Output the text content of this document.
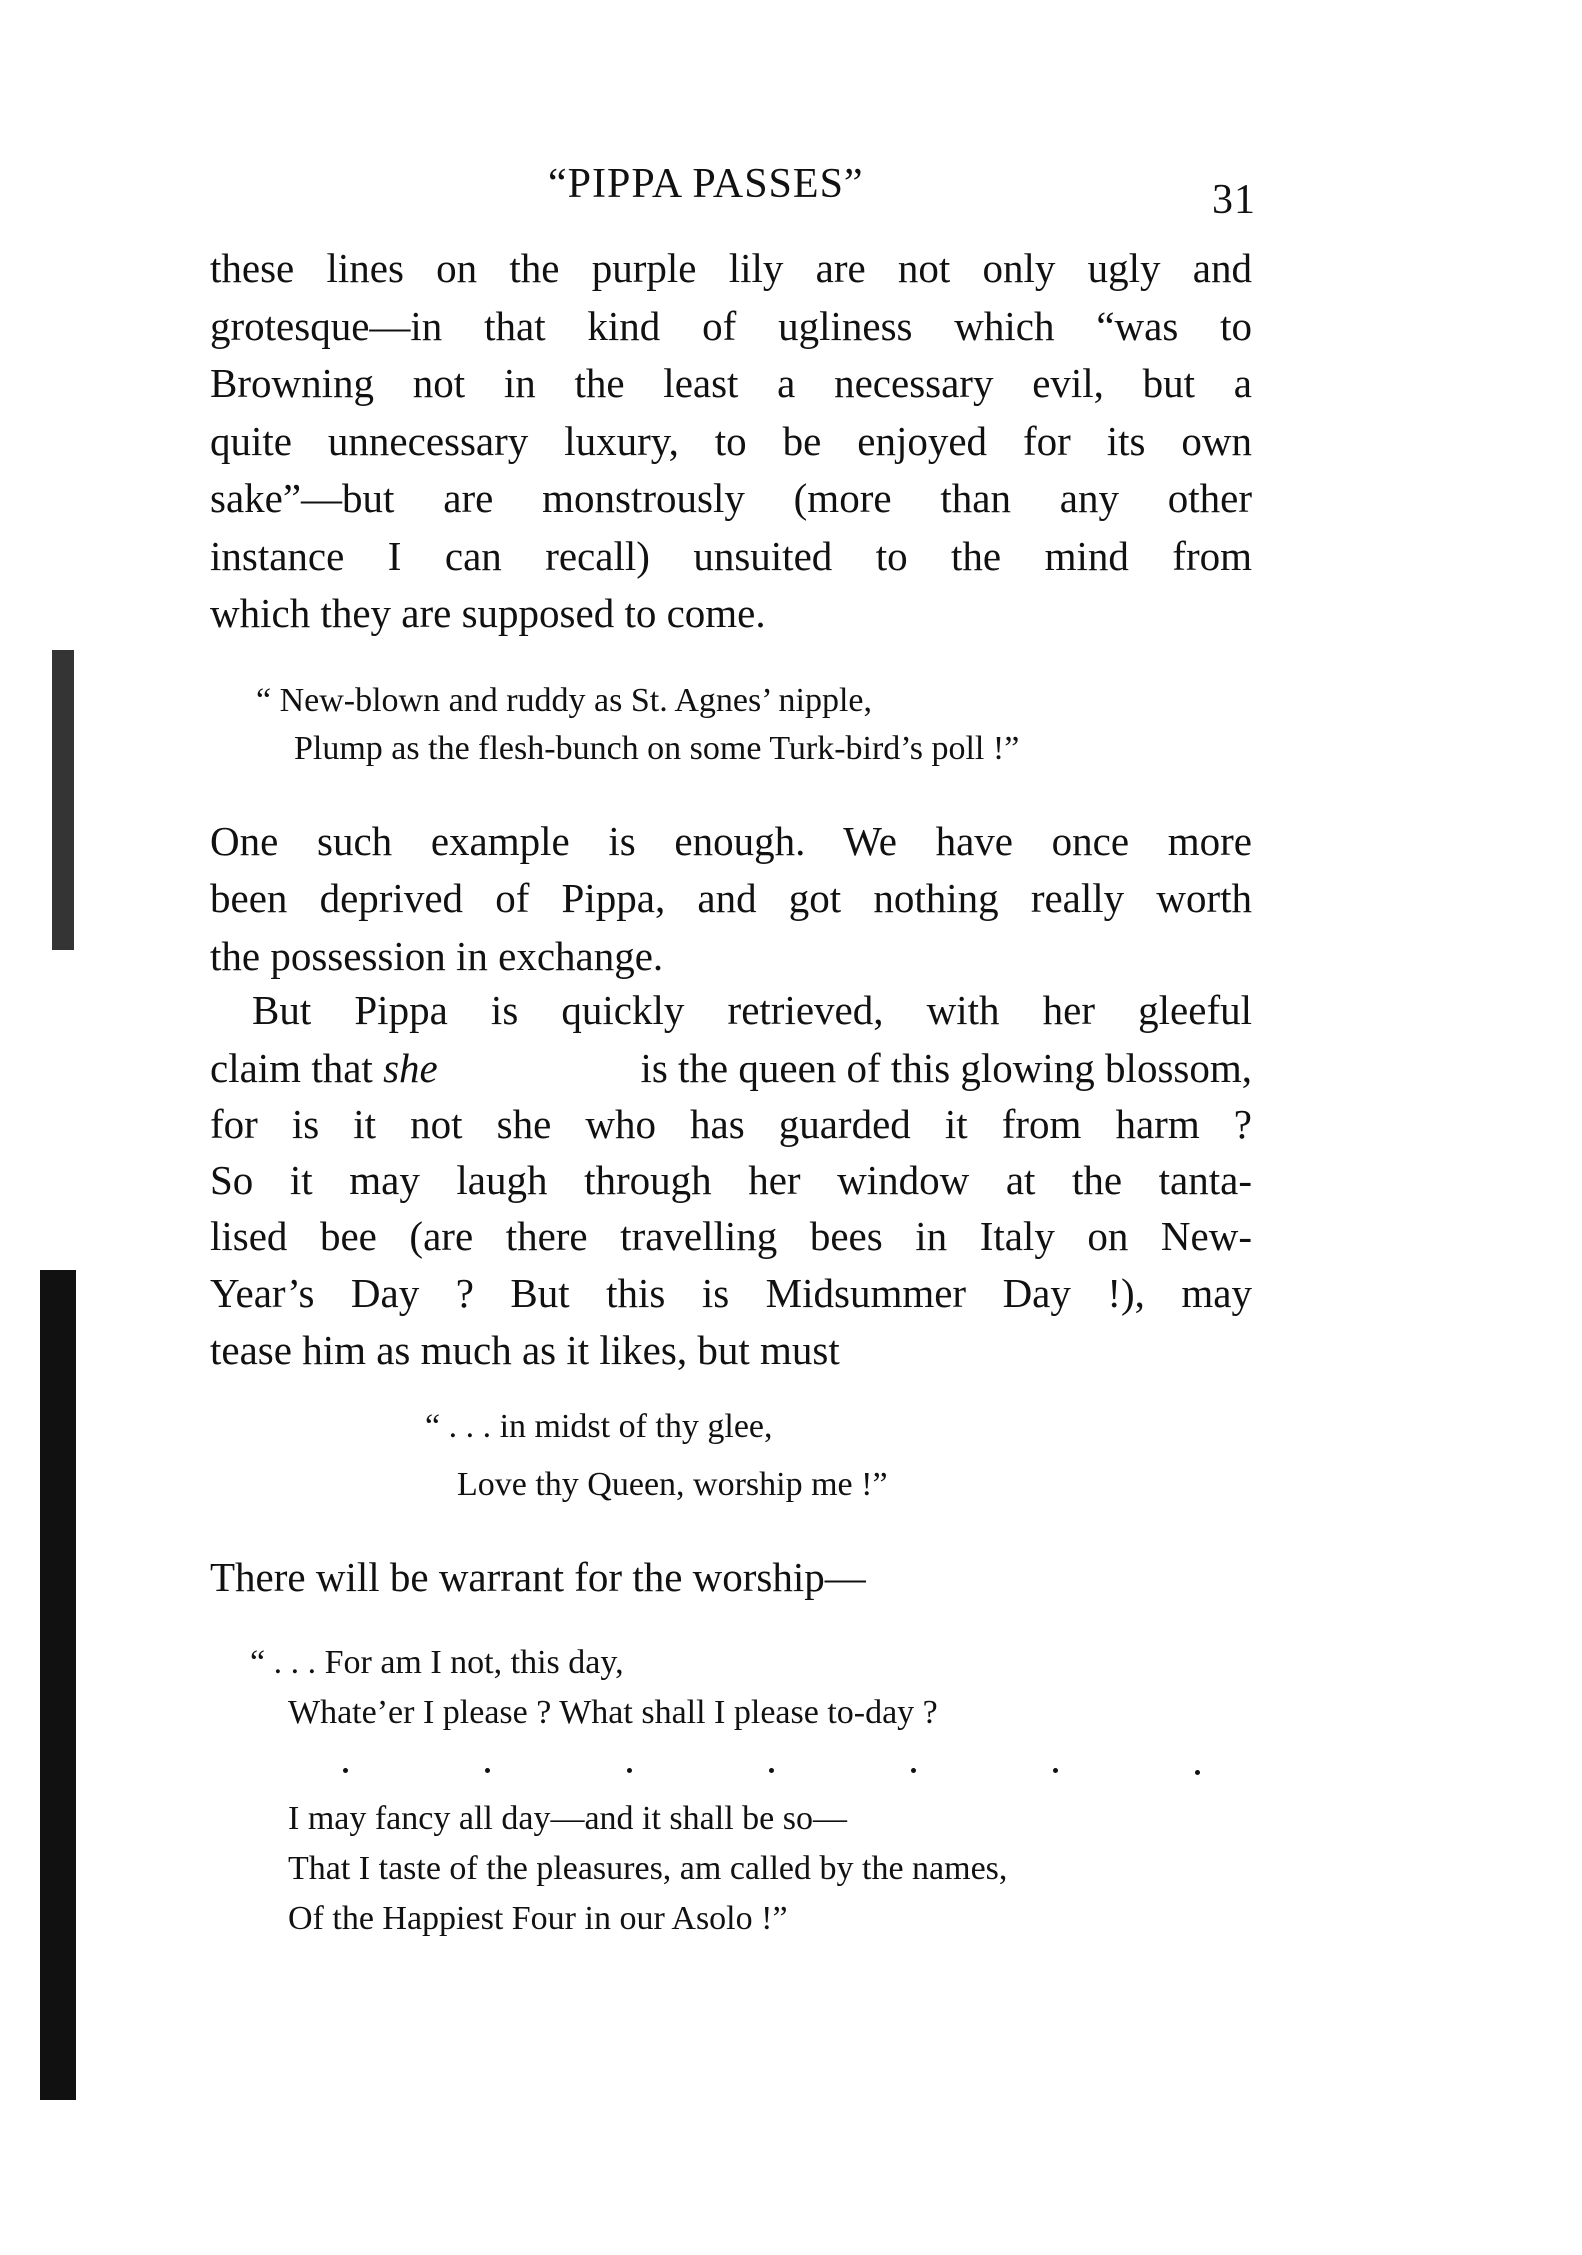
“PIPPA PASSES”	31
these lines on the purple lily are not only ugly and
grotesque—in that kind of ugliness which “was to
Browning not in the least a necessary evil, but a
quite unnecessary luxury, to be enjoyed for its own
sake”—but are monstrously (more than any other
instance I can recall) unsuited to the mind from
which they are supposed to come.
“ New-blown and ruddy as St. Agnes’ nipple,
Plump as the flesh-bunch on some Turk-bird’s poll !”
One such example is enough. We have once more
been deprived of Pippa, and got nothing really worth
the possession in exchange.
But Pippa is quickly retrieved, with her gleeful
claim that she	is the queen of this glowing blossom,
for is it not she who has guarded it from harm ?
So it may laugh through her window at the tanta-
lised bee (are there travelling bees in Italy on New-
Year’s Day ? But this is Midsummer Day !), may
tease him as much as it likes, but must
“ . . . in midst of thy glee,
Love thy Queen, worship me !”
There will be warrant for the worship—
“ . . . For am I not, this day,
Whate’er I please ? What shall I please to-day ?
I may fancy all day—and it shall be so—
That I taste of the pleasures, am called by the names,
Of the Happiest Four in our Asolo !”
